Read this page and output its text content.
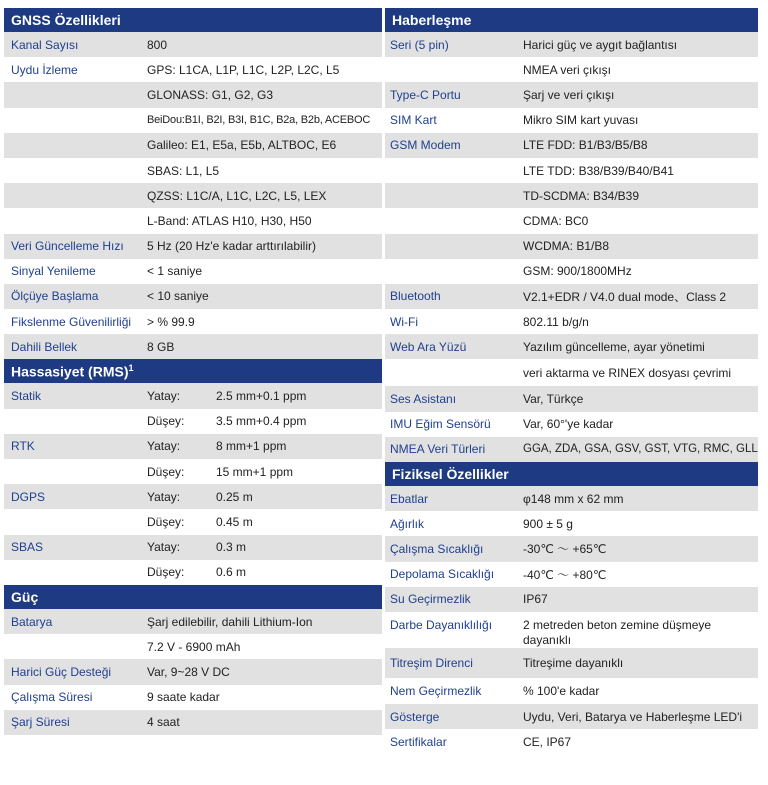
GNSS Özellikleri
Kanal Sayısı	800
Uydu İzleme	GPS: L1CA, L1P, L1C, L2P, L2C, L5
GLONASS: G1, G2, G3
BeiDou:B1I, B2I, B3I, B1C, B2a, B2b, ACEBOC
Galileo: E1, E5a, E5b, ALTBOC, E6
SBAS: L1, L5
QZSS: L1C/A, L1C, L2C, L5, LEX
L-Band: ATLAS H10, H30, H50
Veri Güncelleme Hızı 5 Hz (20 Hz'e kadar arttırılabilir)
Sinyal Yenileme	< 1 saniye
Ölçüye Başlama	< 10 saniye
Fikslenme Güvenilirliği > % 99.9
Dahili Bellek	8 GB
Hassasiyet (RMS)$^1$
Statik	Yatay:	2.5 mm+0.1 ppm
Düşey:	3.5 mm+0.4 ppm
RTK	Yatay:	8 mm+1 ppm
Düşey:	15 mm+1 ppm
DGPS	Yatay:	0.25 m
Düşey:	0.45 m
SBAS	Yatay:	0.3 m
Düşey:	0.6 m
Güç
Batarya	Şarj edilebilir, dahili Lithium-Ion
7.2 V - 6900 mAh
Harici Güç Desteği	Var, 9~28 V DC
Çalışma Süresi	9 saate kadar
Şarj Süresi	4 saat
Haberleşme
Seri (5 pin)	Harici güç ve aygıt bağlantısı
NMEA veri çıkışı
Type-C Portu	Şarj ve veri çıkışı
SIM Kart	Mikro SIM kart yuvası
GSM Modem	LTE FDD: B1/B3/B5/B8
LTE TDD: B38/B39/B40/B41
TD-SCDMA: B34/B39
CDMA: BC0
WCDMA: B1/B8
GSM: 900/1800MHz
Bluetooth	V2.1+EDR / V4.0 dual mode、Class 2
Wi-Fi	802.11 b/g/n
Web Ara Yüzü	Yazılım güncelleme, ayar yönetimi
veri aktarma ve RINEX dosyası çevrimi
Ses Asistanı	Var, Türkçe
IMU Eğim Sensörü	Var, 60°'ye kadar
NMEA Veri Türleri	GGA, ZDA, GSA, GSV, GST, VTG, RMC, GLL
Fiziksel Özellikler
Ebatlar	φ148 mm x 62 mm
Ağırlık	900 ± 5 g
Çalışma Sıcaklığı	-30℃ ～ +65℃
Depolama Sıcaklığı -40℃ ～ +80℃
Su Geçirmezlik	IP67
Darbe Dayanıklılığı	2 metreden beton zemine düşmeye dayanıklı
Titreşim Direnci	Titreşime dayanıklı
Nem Geçirmezlik	% 100'e kadar
Gösterge	Uydu, Veri, Batarya ve Haberleşme LED'i
Sertifikalar	CE, IP67
